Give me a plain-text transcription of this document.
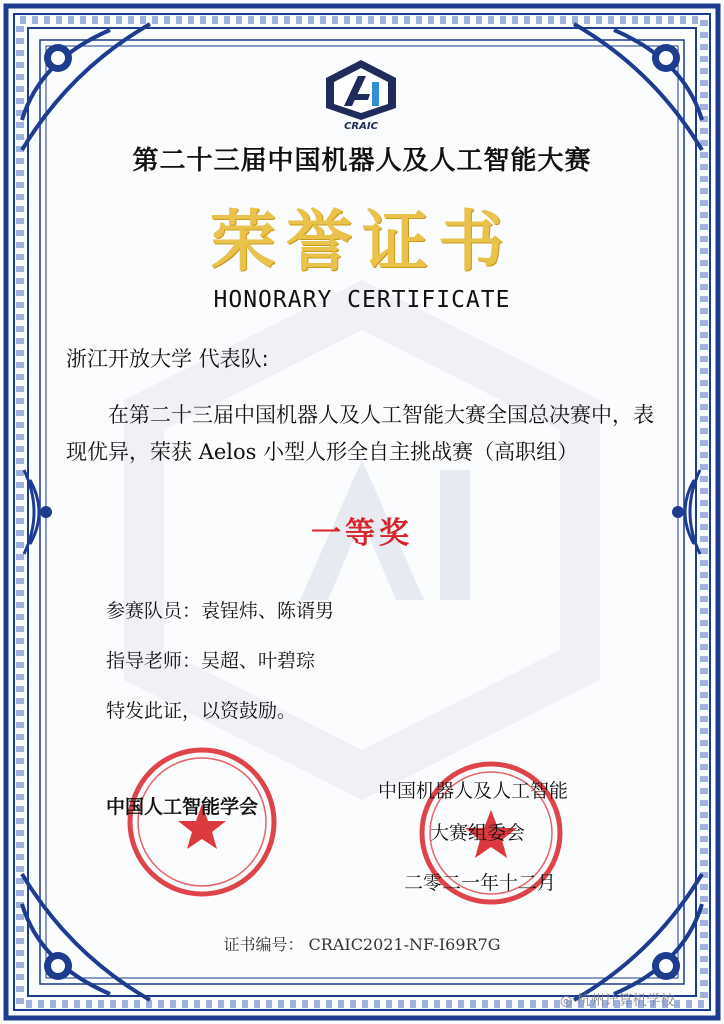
CRAIC
第二十三届中国机器人及人工智能大赛
荣誉证书
HONORARY CERTIFICATE
浙江开放大学 代表队:
在第二十三届中国机器人及人工智能大赛全国总决赛中，表现优异，荣获 Aelos 小型人形全自主挑战赛（高职组）
一等奖
参赛队员：袁锃炜、陈谞男
指导老师：吴超、叶碧琮
特发此证，以资鼓励。
中国人工智能学会
中国机器人及人工智能
大赛组委会
二零二一年十二月
证书编号： CRAIC2021-NF-I69R7G
◎ 杭州计算机学校
